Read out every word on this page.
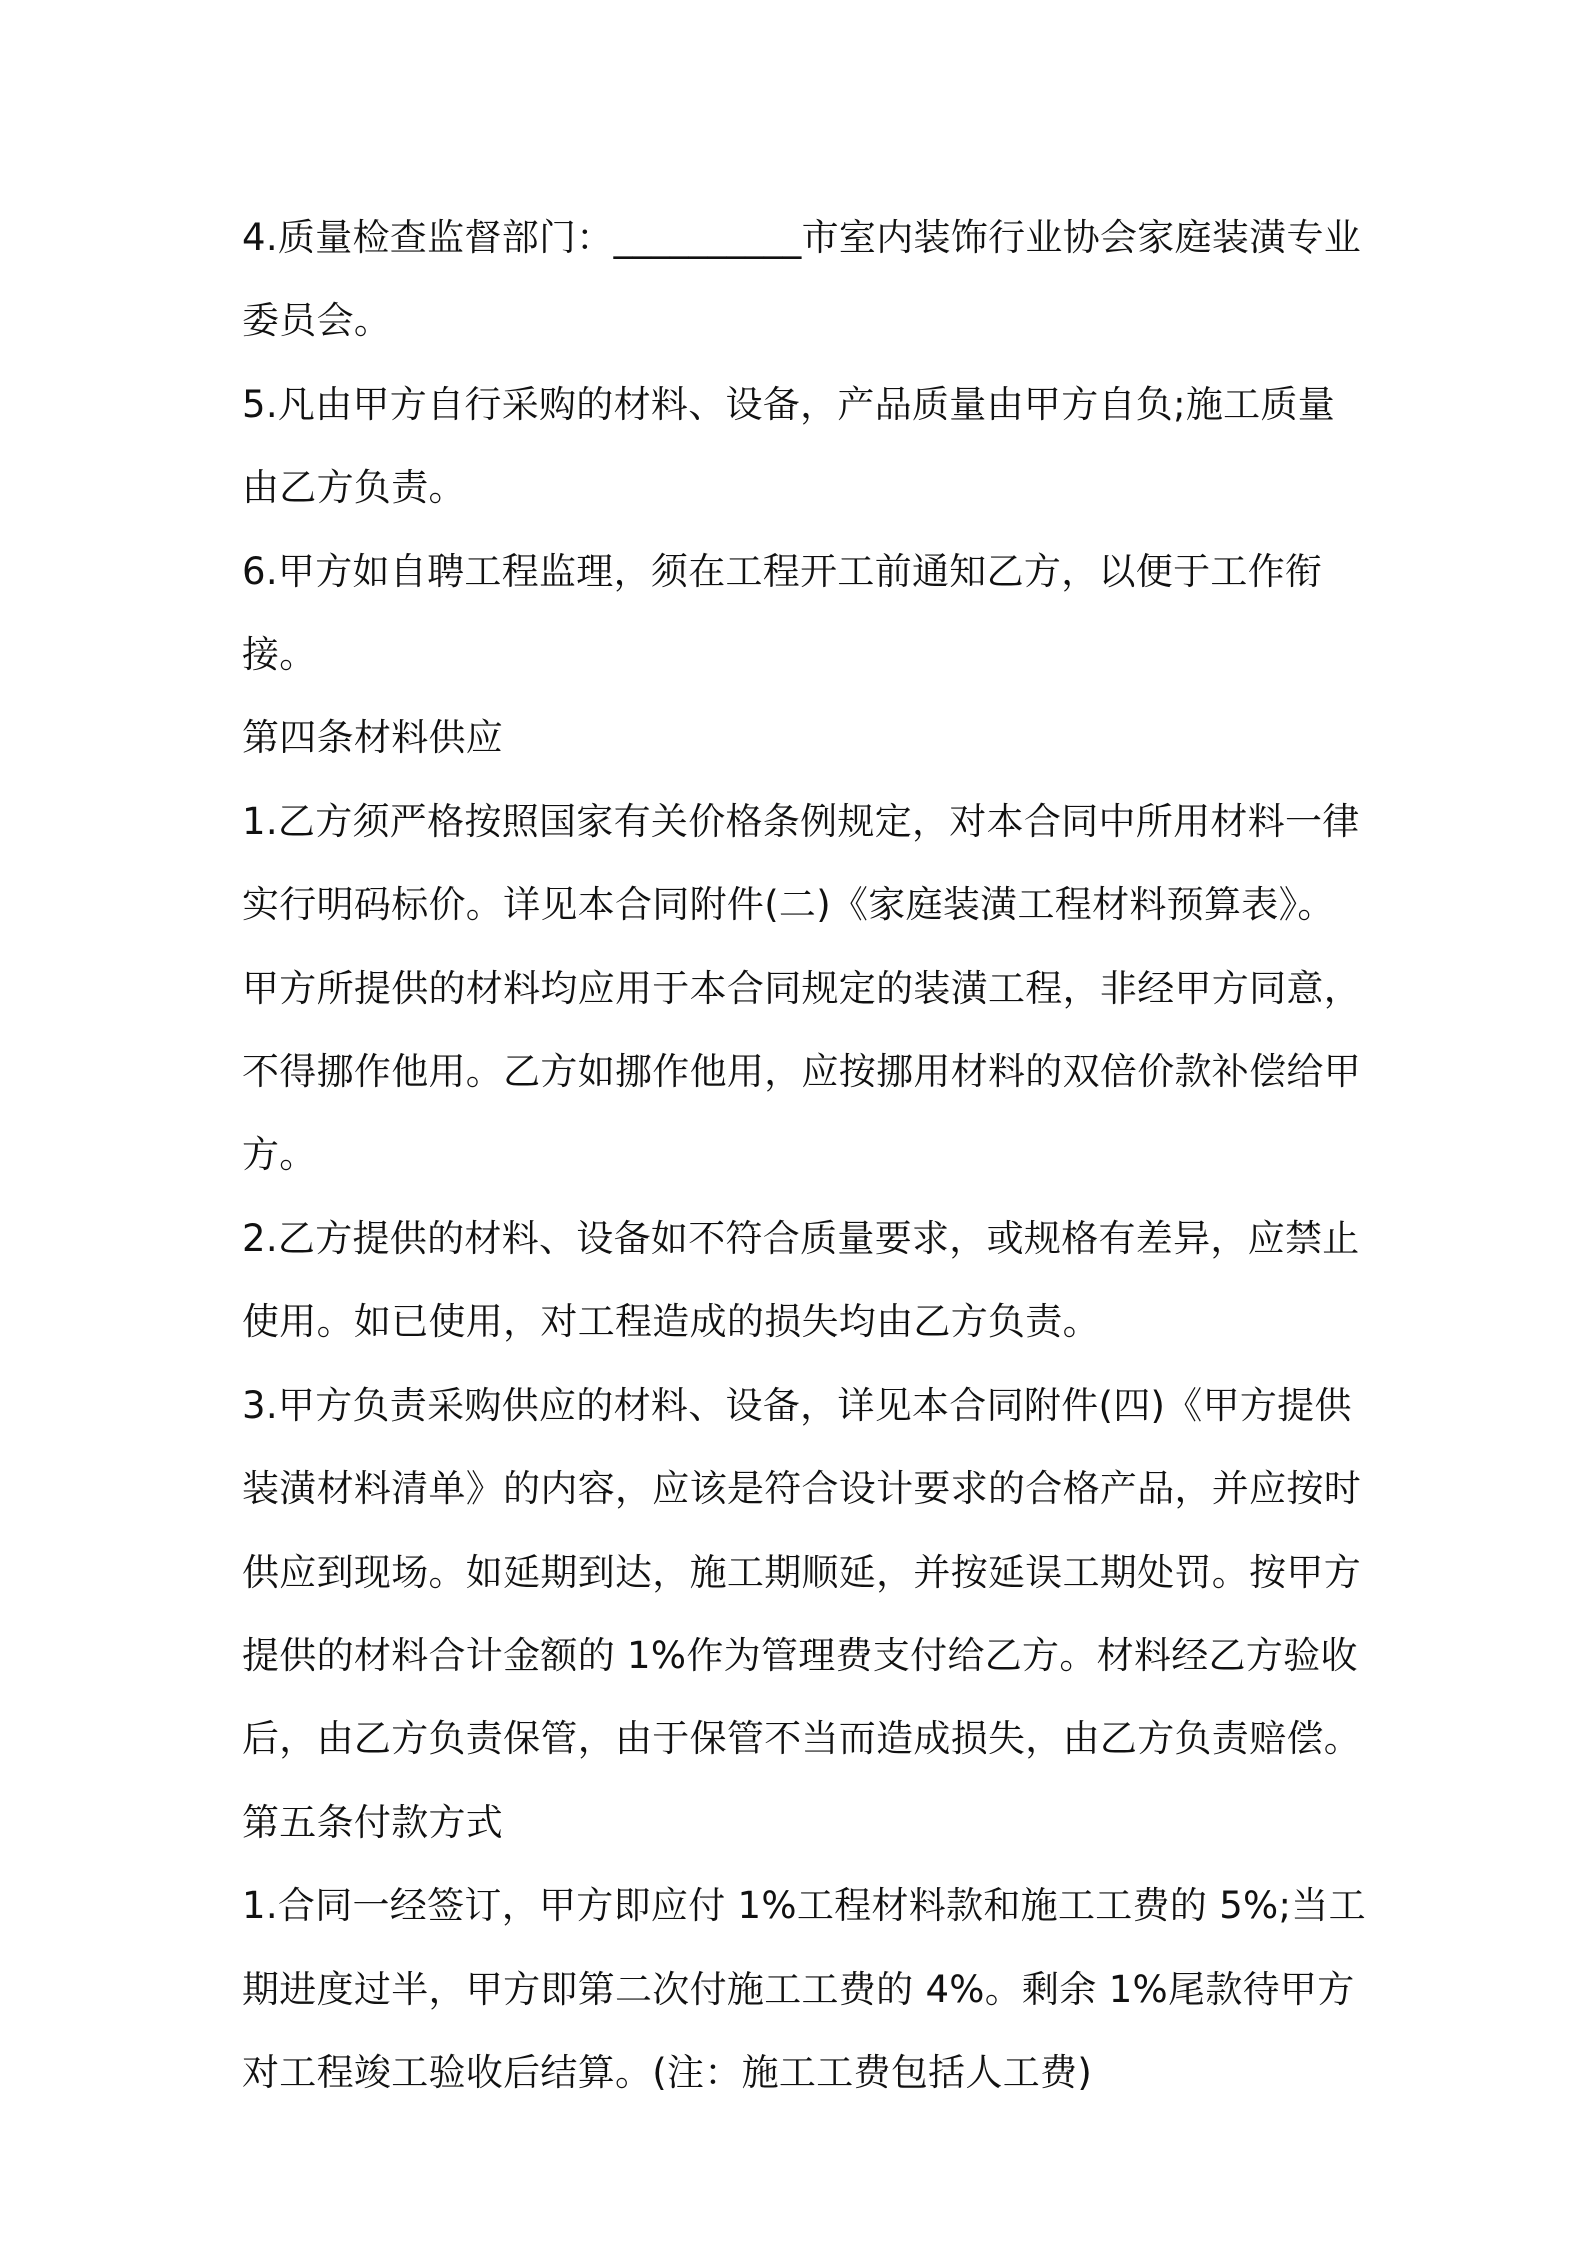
4.质量检查监督部门：__________市室内装饰行业协会家庭装潢专业委员会。

5.凡由甲方自行采购的材料、设备，产品质量由甲方自负;施工质量由乙方负责。

6.甲方如自聘工程监理，须在工程开工前通知乙方，以便于工作衔接。

第四条材料供应

1.乙方须严格按照国家有关价格条例规定，对本合同中所用材料一律实行明码标价。详见本合同附件(二)《家庭装潢工程材料预算表》。

甲方所提供的材料均应用于本合同规定的装潢工程，非经甲方同意，不得挪作他用。乙方如挪作他用，应按挪用材料的双倍价款补偿给甲方。

2.乙方提供的材料、设备如不符合质量要求，或规格有差异，应禁止使用。如已使用，对工程造成的损失均由乙方负责。

3.甲方负责采购供应的材料、设备，详见本合同附件(四)《甲方提供装潢材料清单》的内容，应该是符合设计要求的合格产品，并应按时供应到现场。如延期到达，施工期顺延，并按延误工期处罚。按甲方提供的材料合计金额的 1%作为管理费支付给乙方。材料经乙方验收后，由乙方负责保管，由于保管不当而造成损失，由乙方负责赔偿。

第五条付款方式

1.合同一经签订，甲方即应付 1%工程材料款和施工工费的 5%;当工期进度过半，甲方即第二次付施工工费的 4%。剩余 1%尾款待甲方对工程竣工验收后结算。(注：施工工费包括人工费)
